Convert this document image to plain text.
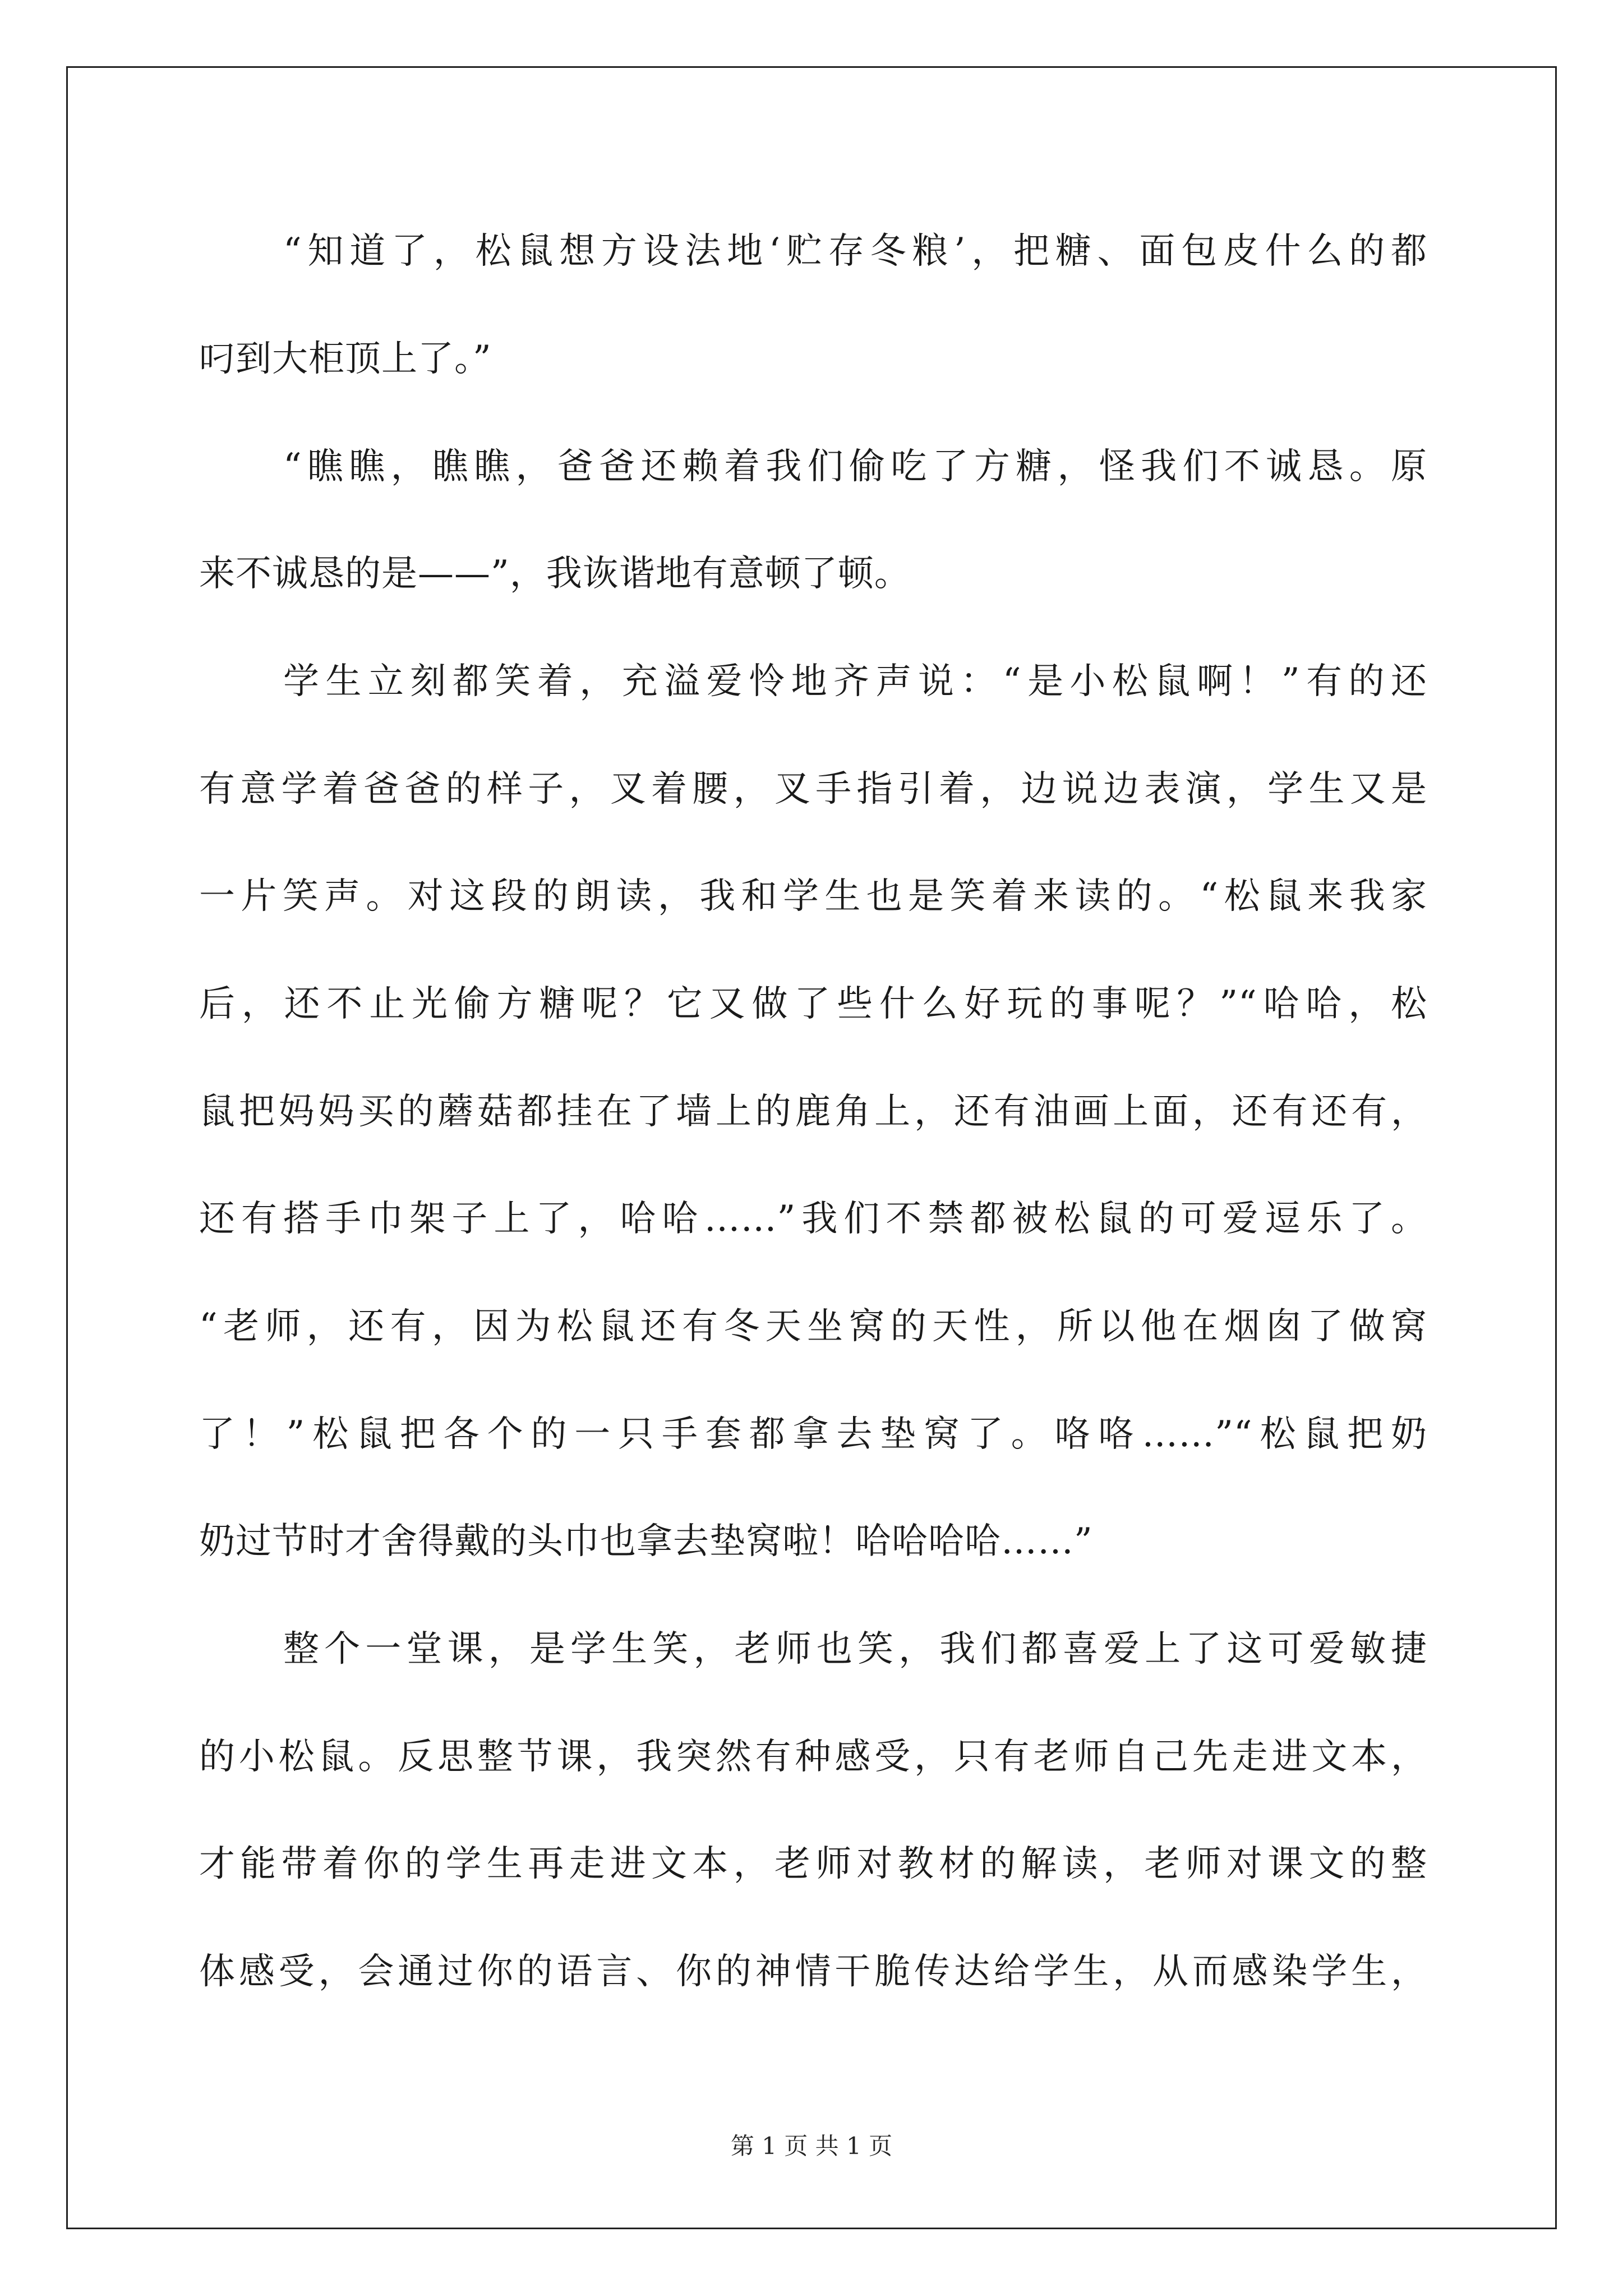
“知道了，松鼠想方设法地‘贮存冬粮’，把糖、面包皮什么的都
叼到大柜顶上了。”
“瞧瞧，瞧瞧，爸爸还赖着我们偷吃了方糖，怪我们不诚恳。原
来不诚恳的是——”，我诙谐地有意顿了顿。
学生立刻都笑着，充溢爱怜地齐声说：“是小松鼠啊！”有的还
有意学着爸爸的样子，叉着腰，叉手指引着，边说边表演，学生又是
一片笑声。对这段的朗读，我和学生也是笑着来读的。“松鼠来我家
后，还不止光偷方糖呢？它又做了些什么好玩的事呢？”“哈哈，松
鼠把妈妈买的蘑菇都挂在了墙上的鹿角上，还有油画上面，还有还有，
还有搭手巾架子上了，哈哈……”我们不禁都被松鼠的可爱逗乐了。
“老师，还有，因为松鼠还有冬天坐窝的天性，所以他在烟囱了做窝
了！”松鼠把各个的一只手套都拿去垫窝了。咯咯……”“松鼠把奶
奶过节时才舍得戴的头巾也拿去垫窝啦！哈哈哈哈……”
整个一堂课，是学生笑，老师也笑，我们都喜爱上了这可爱敏捷
的小松鼠。反思整节课，我突然有种感受，只有老师自己先走进文本，
才能带着你的学生再走进文本，老师对教材的解读，老师对课文的整
体感受，会通过你的语言、你的神情干脆传达给学生，从而感染学生，
第 1 页 共 1 页
